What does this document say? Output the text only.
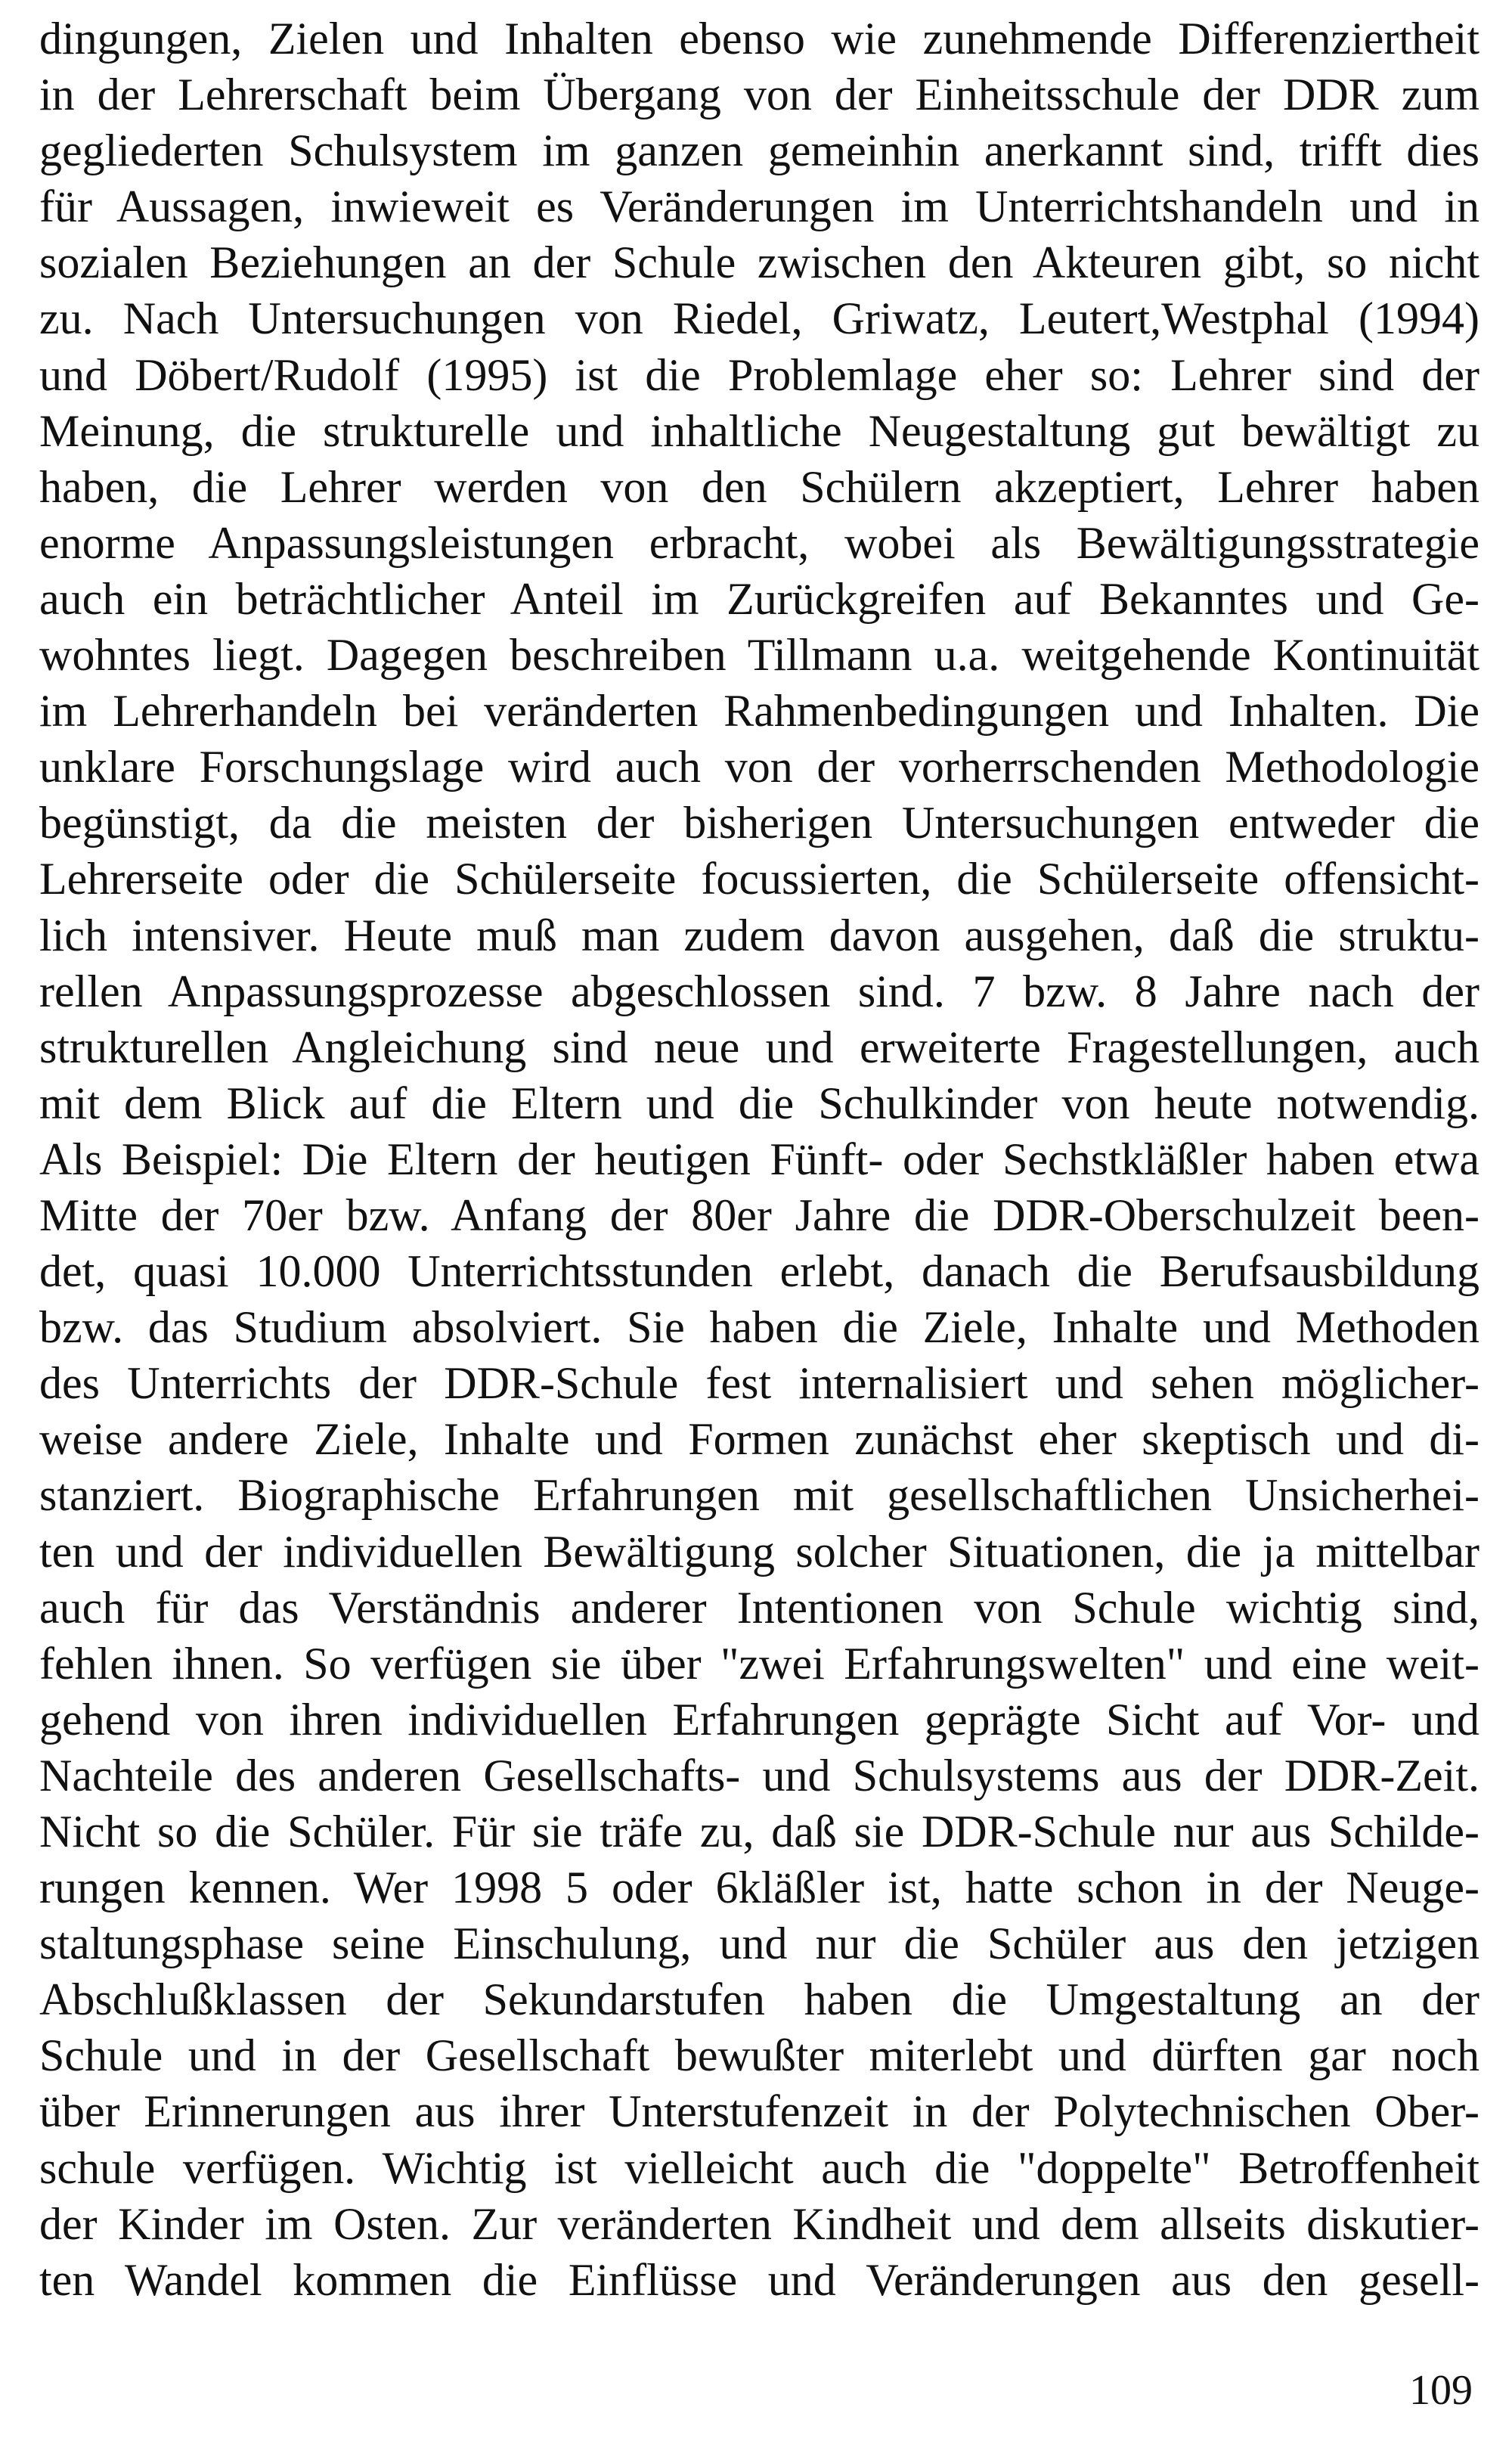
dingungen, Zielen und Inhalten ebenso wie zunehmende Differenziertheit
in der Lehrerschaft beim Übergang von der Einheitsschule der DDR zum
gegliederten Schulsystem im ganzen gemeinhin anerkannt sind, trifft dies
für Aussagen, inwieweit es Veränderungen im Unterrichtshandeln und in
sozialen Beziehungen an der Schule zwischen den Akteuren gibt, so nicht
zu. Nach Untersuchungen von Riedel, Griwatz, Leutert,Westphal (1994)
und Döbert/Rudolf (1995) ist die Problemlage eher so: Lehrer sind der
Meinung, die strukturelle und inhaltliche Neugestaltung gut bewältigt zu
haben, die Lehrer werden von den Schülern akzeptiert, Lehrer haben
enorme Anpassungsleistungen erbracht, wobei als Bewältigungsstrategie
auch ein beträchtlicher Anteil im Zurückgreifen auf Bekanntes und Ge-
wohntes liegt. Dagegen beschreiben Tillmann u.a. weitgehende Kontinuität
im Lehrerhandeln bei veränderten Rahmenbedingungen und Inhalten. Die
unklare Forschungslage wird auch von der vorherrschenden Methodologie
begünstigt, da die meisten der bisherigen Untersuchungen entweder die
Lehrerseite oder die Schülerseite focussierten, die Schülerseite offensicht-
lich intensiver. Heute muß man zudem davon ausgehen, daß die struktu-
rellen Anpassungsprozesse abgeschlossen sind. 7 bzw. 8 Jahre nach der
strukturellen Angleichung sind neue und erweiterte Fragestellungen, auch
mit dem Blick auf die Eltern und die Schulkinder von heute notwendig.
Als Beispiel: Die Eltern der heutigen Fünft- oder Sechstkläßler haben etwa
Mitte der 70er bzw. Anfang der 80er Jahre die DDR-Oberschulzeit been-
det, quasi 10.000 Unterrichtsstunden erlebt, danach die Berufsausbildung
bzw. das Studium absolviert. Sie haben die Ziele, Inhalte und Methoden
des Unterrichts der DDR-Schule fest internalisiert und sehen möglicher-
weise andere Ziele, Inhalte und Formen zunächst eher skeptisch und di-
stanziert. Biographische Erfahrungen mit gesellschaftlichen Unsicherhei-
ten und der individuellen Bewältigung solcher Situationen, die ja mittelbar
auch für das Verständnis anderer Intentionen von Schule wichtig sind,
fehlen ihnen. So verfügen sie über "zwei Erfahrungswelten" und eine weit-
gehend von ihren individuellen Erfahrungen geprägte Sicht auf Vor- und
Nachteile des anderen Gesellschafts- und Schulsystems aus der DDR-Zeit.
Nicht so die Schüler. Für sie träfe zu, daß sie DDR-Schule nur aus Schilde-
rungen kennen. Wer 1998 5 oder 6kläßler ist, hatte schon in der Neuge-
staltungsphase seine Einschulung, und nur die Schüler aus den jetzigen
Abschlußklassen der Sekundarstufen haben die Umgestaltung an der
Schule und in der Gesellschaft bewußter miterlebt und dürften gar noch
über Erinnerungen aus ihrer Unterstufenzeit in der Polytechnischen Ober-
schule verfügen. Wichtig ist vielleicht auch die "doppelte" Betroffenheit
der Kinder im Osten. Zur veränderten Kindheit und dem allseits diskutier-
ten Wandel kommen die Einflüsse und Veränderungen aus den gesell-
109
